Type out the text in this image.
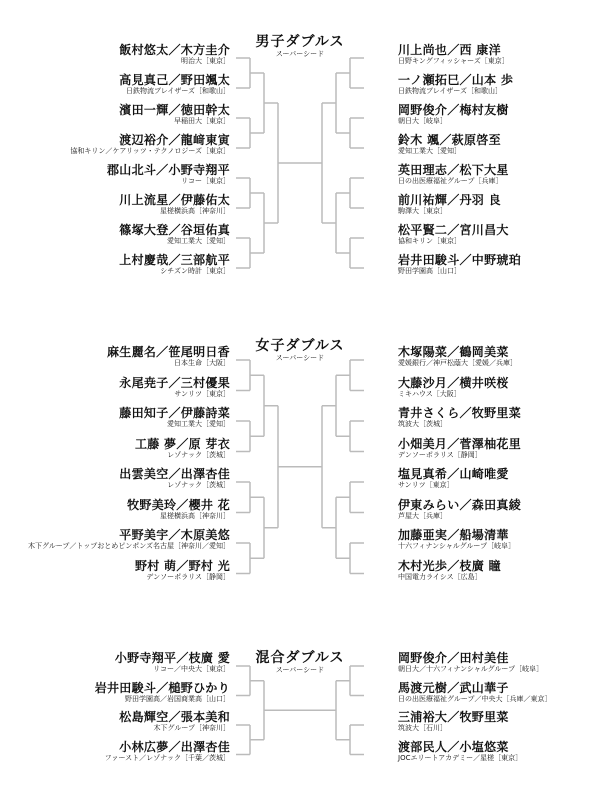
男子ダブルス
スーパーシード
飯村悠太／木方圭介
明治大［東京］
高見真己／野田颯太
日鉄物流ブレイザーズ［和歌山］
濱田一輝／徳田幹太
早稲田大［東京］
渡辺裕介／龍﨑東寅
協和キリン／ケアリッツ・テクノロジーズ［東京］
郡山北斗／小野寺翔平
リコー［東京］
川上流星／伊藤佑太
星槎横浜高［神奈川］
篠塚大登／谷垣佑真
愛知工業大［愛知］
上村慶哉／三部航平
シチズン時計［東京］
川上尚也／西 康洋
日野キングフィッシャーズ［東京］
一ノ瀬拓巳／山本 歩
日鉄物流ブレイザーズ［和歌山］
岡野俊介／梅村友樹
朝日大［岐阜］
鈴木 颯／萩原啓至
愛知工業大［愛知］
英田理志／松下大星
日の出医療福祉グループ［兵庫］
前川祐輝／丹羽 良
駒澤大［東京］
松平賢二／宮川昌大
協和キリン［東京］
岩井田駿斗／中野琥珀
野田学園高［山口］
女子ダブルス
スーパーシード
麻生麗名／笹尾明日香
日本生命［大阪］
永尾尭子／三村優果
サンリツ［東京］
藤田知子／伊藤詩菜
愛知工業大［愛知］
工藤 夢／原 芽衣
レゾナック［茨城］
出雲美空／出澤杏佳
レゾナック［茨城］
牧野美玲／櫻井 花
星槎横浜高［神奈川］
平野美宇／木原美悠
木下グループ／トップおとめピンポンズ名古屋［神奈川／愛知］
野村 萌／野村 光
デンソーポラリス［静岡］
木塚陽菜／鶴岡美菜
愛媛銀行／神戸松蔭大［愛媛／兵庫］
大藤沙月／横井咲桜
ミキハウス［大阪］
青井さくら／牧野里菜
筑波大［茨城］
小畑美月／菅澤柚花里
デンソーポラリス［静岡］
塩見真希／山崎唯愛
サンリツ［東京］
伊東みらい／森田真綾
芦屋大［兵庫］
加藤亜実／船場清華
十六フィナンシャルグループ［岐阜］
木村光歩／枝廣 瞳
中国電力ライシス［広島］
混合ダブルス
スーパーシード
小野寺翔平／枝廣 愛
リコー／中央大［東京］
岩井田駿斗／槌野ひかり
野田学園高／岩国商業高［山口］
松島輝空／張本美和
木下グループ［神奈川］
小林広夢／出澤杏佳
ファースト／レゾナック［千葉／茨城］
岡野俊介／田村美佳
朝日大／十六フィナンシャルグループ［岐阜］
馬渡元樹／武山華子
日の出医療福祉グループ／中央大［兵庫／東京］
三浦裕大／牧野里菜
筑波大［石川］
渡部民人／小塩悠菜
JOCエリートアカデミー／星槎［東京］
